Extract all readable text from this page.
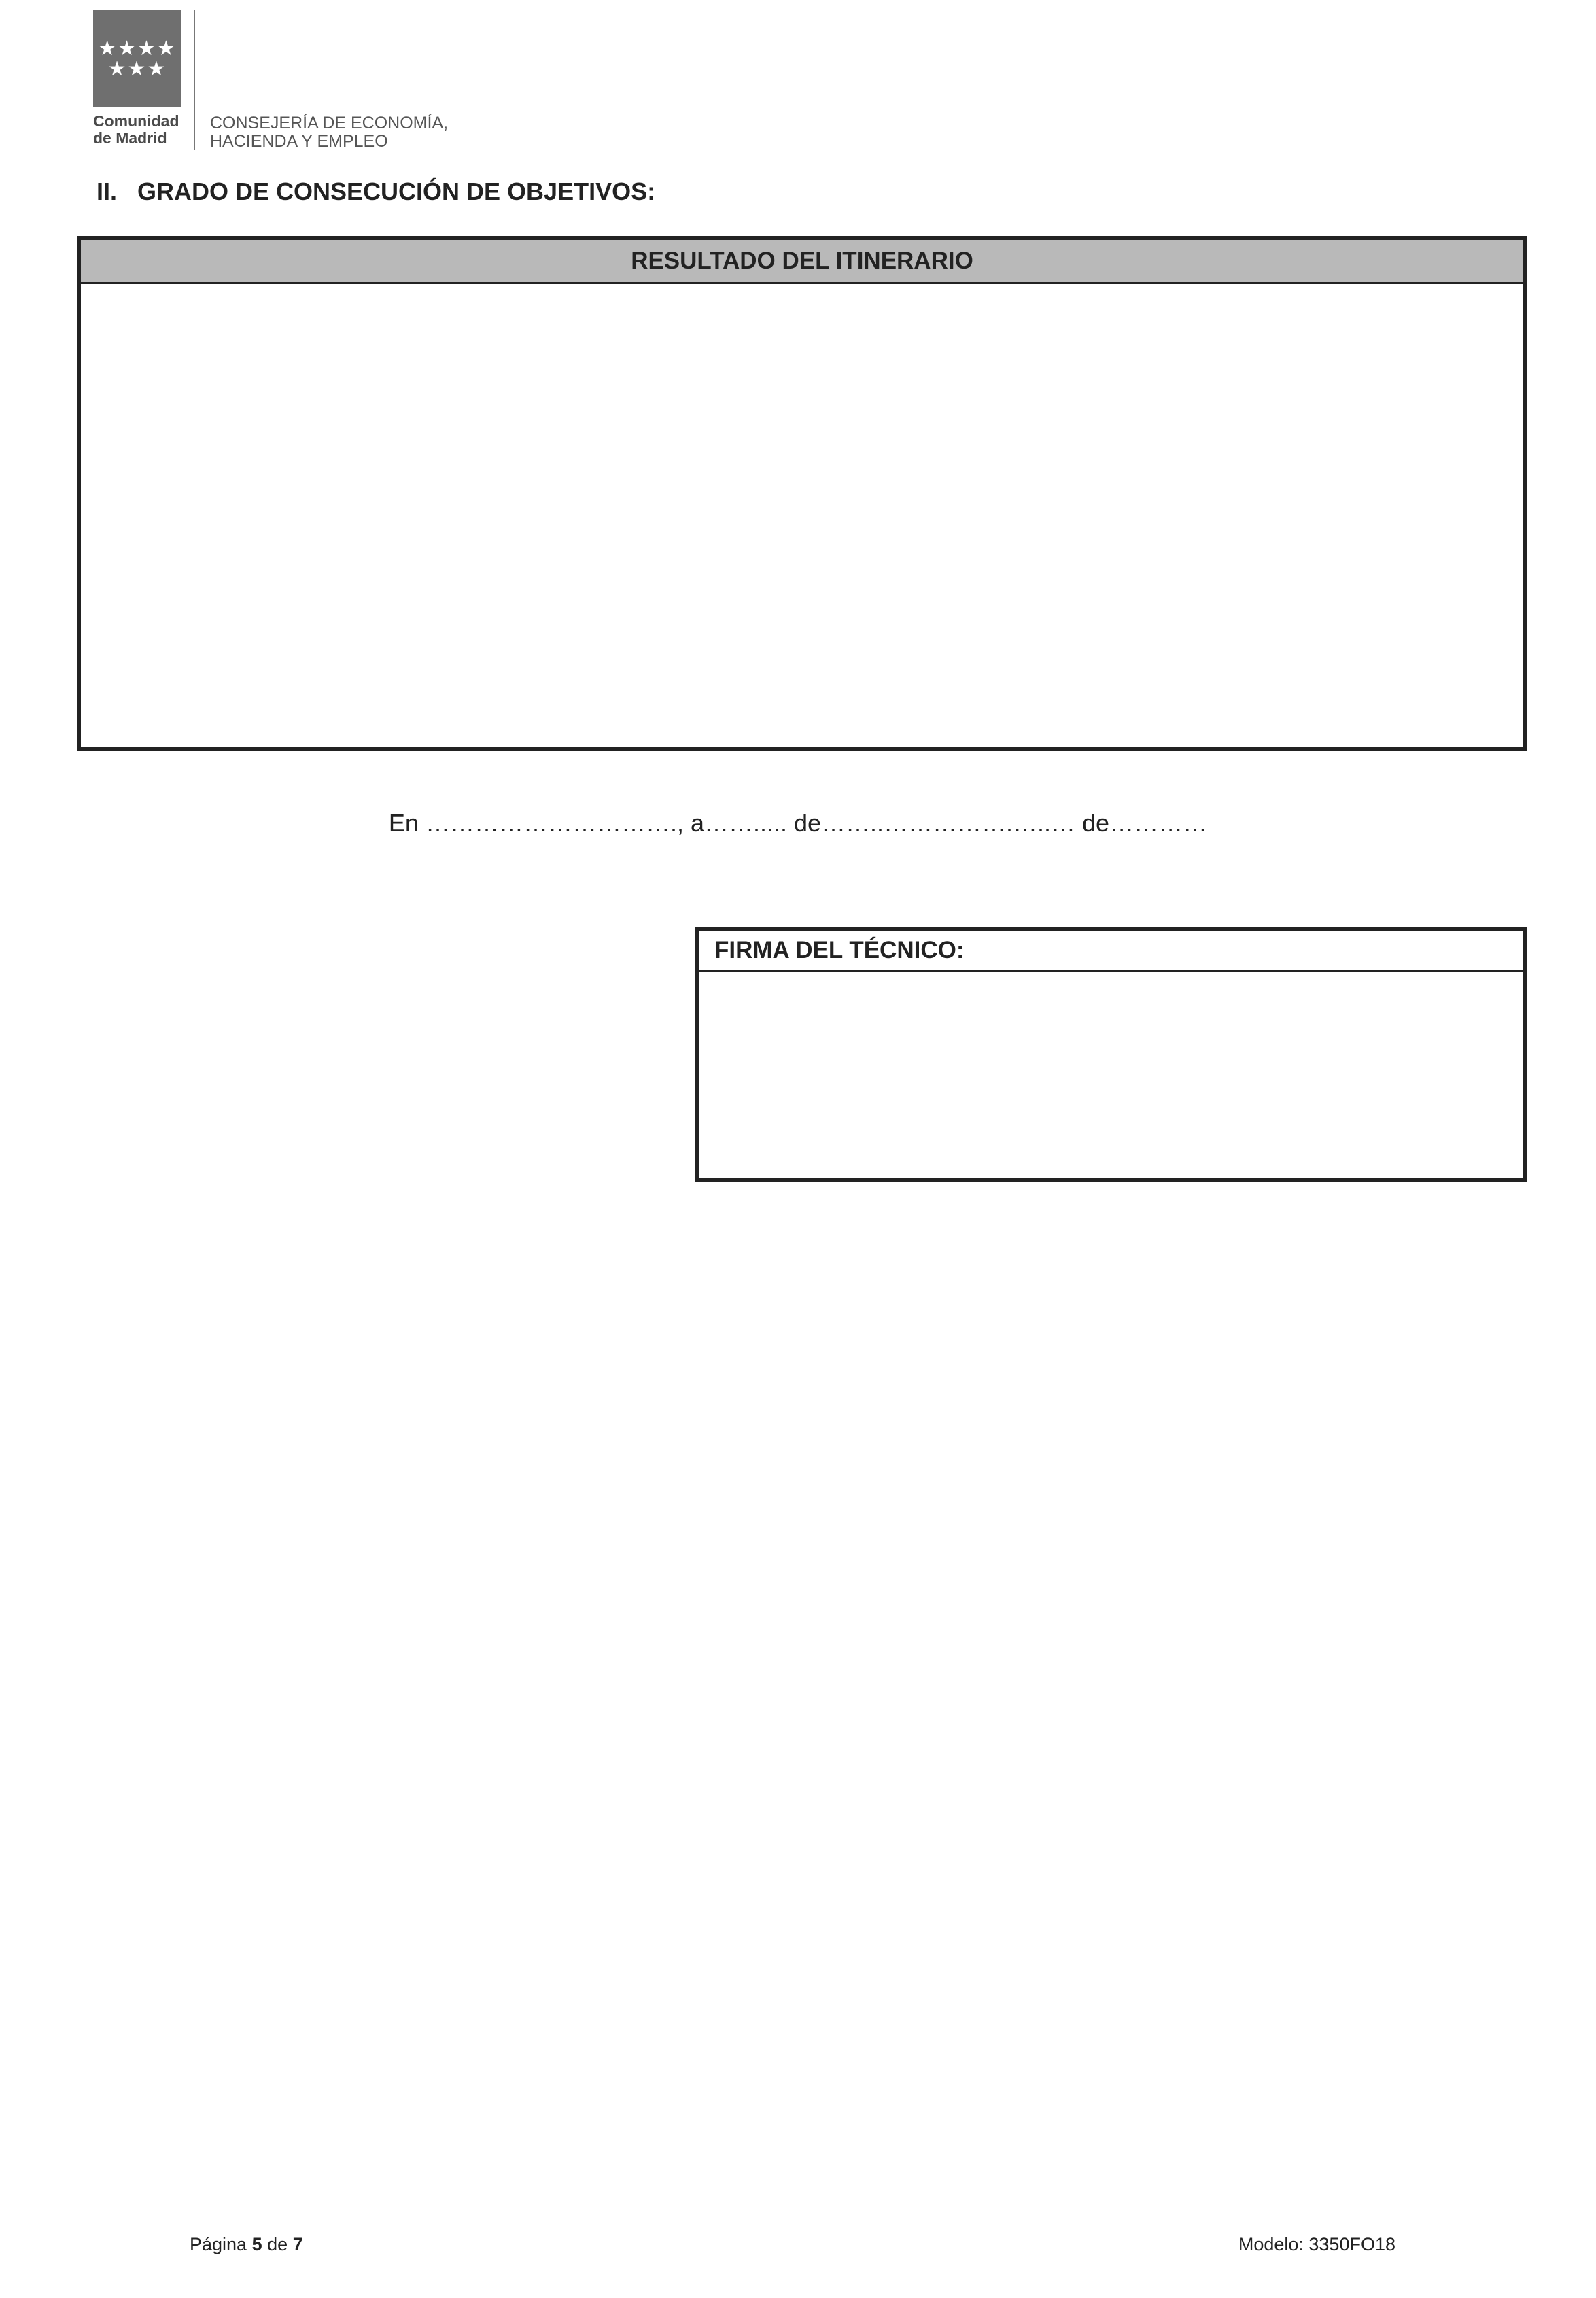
★★★★
★★★
Comunidad
de Madrid
CONSEJERÍA DE ECONOMÍA,
HACIENDA Y EMPLEO
II.   GRADO DE CONSECUCIÓN DE OBJETIVOS:
RESULTADO DEL ITINERARIO
En …………………………., a……..... de……..…………….…..… de…………
FIRMA DEL TÉCNICO:
Página 5 de 7	Modelo: 3350FO18
